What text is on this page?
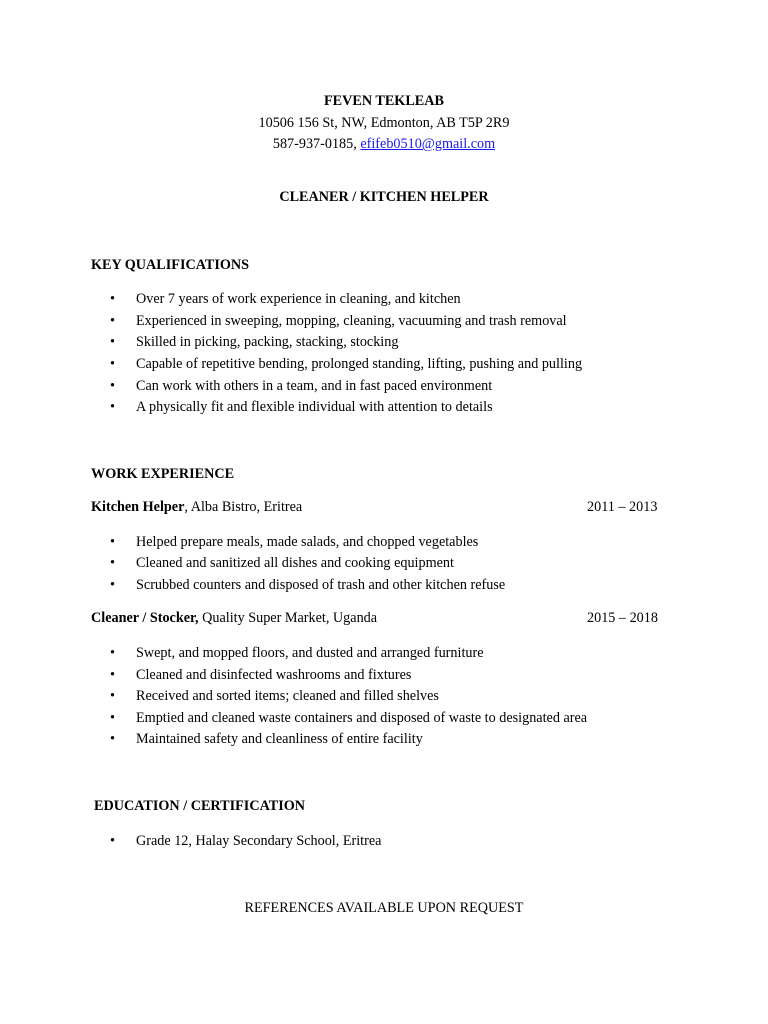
FEVEN TEKLEAB
10506 156 St, NW, Edmonton, AB T5P 2R9
587-937-0185, efifeb0510@gmail.com
CLEANER / KITCHEN HELPER
KEY QUALIFICATIONS
• Over 7 years of work experience in cleaning, and kitchen
• Experienced in sweeping, mopping, cleaning, vacuuming and trash removal
• Skilled in picking, packing, stacking, stocking
• Capable of repetitive bending, prolonged standing, lifting, pushing and pulling
• Can work with others in a team, and in fast paced environment
• A physically fit and flexible individual with attention to details
WORK EXPERIENCE
Kitchen Helper, Alba Bistro, Eritrea	2011 – 2013
• Helped prepare meals, made salads, and chopped vegetables
• Cleaned and sanitized all dishes and cooking equipment
• Scrubbed counters and disposed of trash and other kitchen refuse
Cleaner / Stocker, Quality Super Market, Uganda	2015 – 2018
• Swept, and mopped floors, and dusted and arranged furniture
• Cleaned and disinfected washrooms and fixtures
• Received and sorted items; cleaned and filled shelves
• Emptied and cleaned waste containers and disposed of waste to designated area
• Maintained safety and cleanliness of entire facility
EDUCATION / CERTIFICATION
• Grade 12, Halay Secondary School, Eritrea
REFERENCES AVAILABLE UPON REQUEST
